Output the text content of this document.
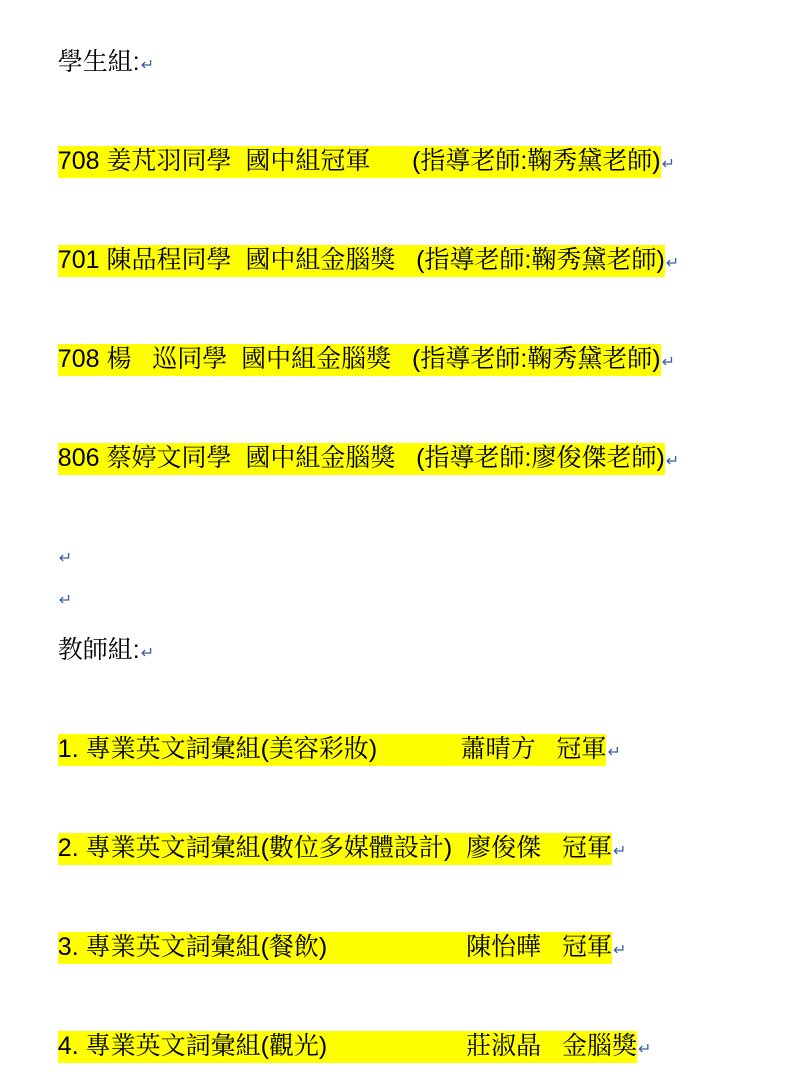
學生組:↵

708 姜芃羽同學  國中組冠軍      (指導老師:鞠秀黛老師)↵

701 陳品程同學  國中組金腦獎   (指導老師:鞠秀黛老師)↵

708 楊   巡同學  國中組金腦獎   (指導老師:鞠秀黛老師)↵

806 蔡婷文同學  國中組金腦獎   (指導老師:廖俊傑老師)↵

↵

↵

教師組:↵

1. 專業英文詞彙組(美容彩妝)            蕭晴方   冠軍↵

2. 專業英文詞彙組(數位多媒體設計)  廖俊傑   冠軍↵

3. 專業英文詞彙組(餐飲)                    陳怡曄   冠軍↵

4. 專業英文詞彙組(觀光)                    莊淑晶   金腦獎↵
